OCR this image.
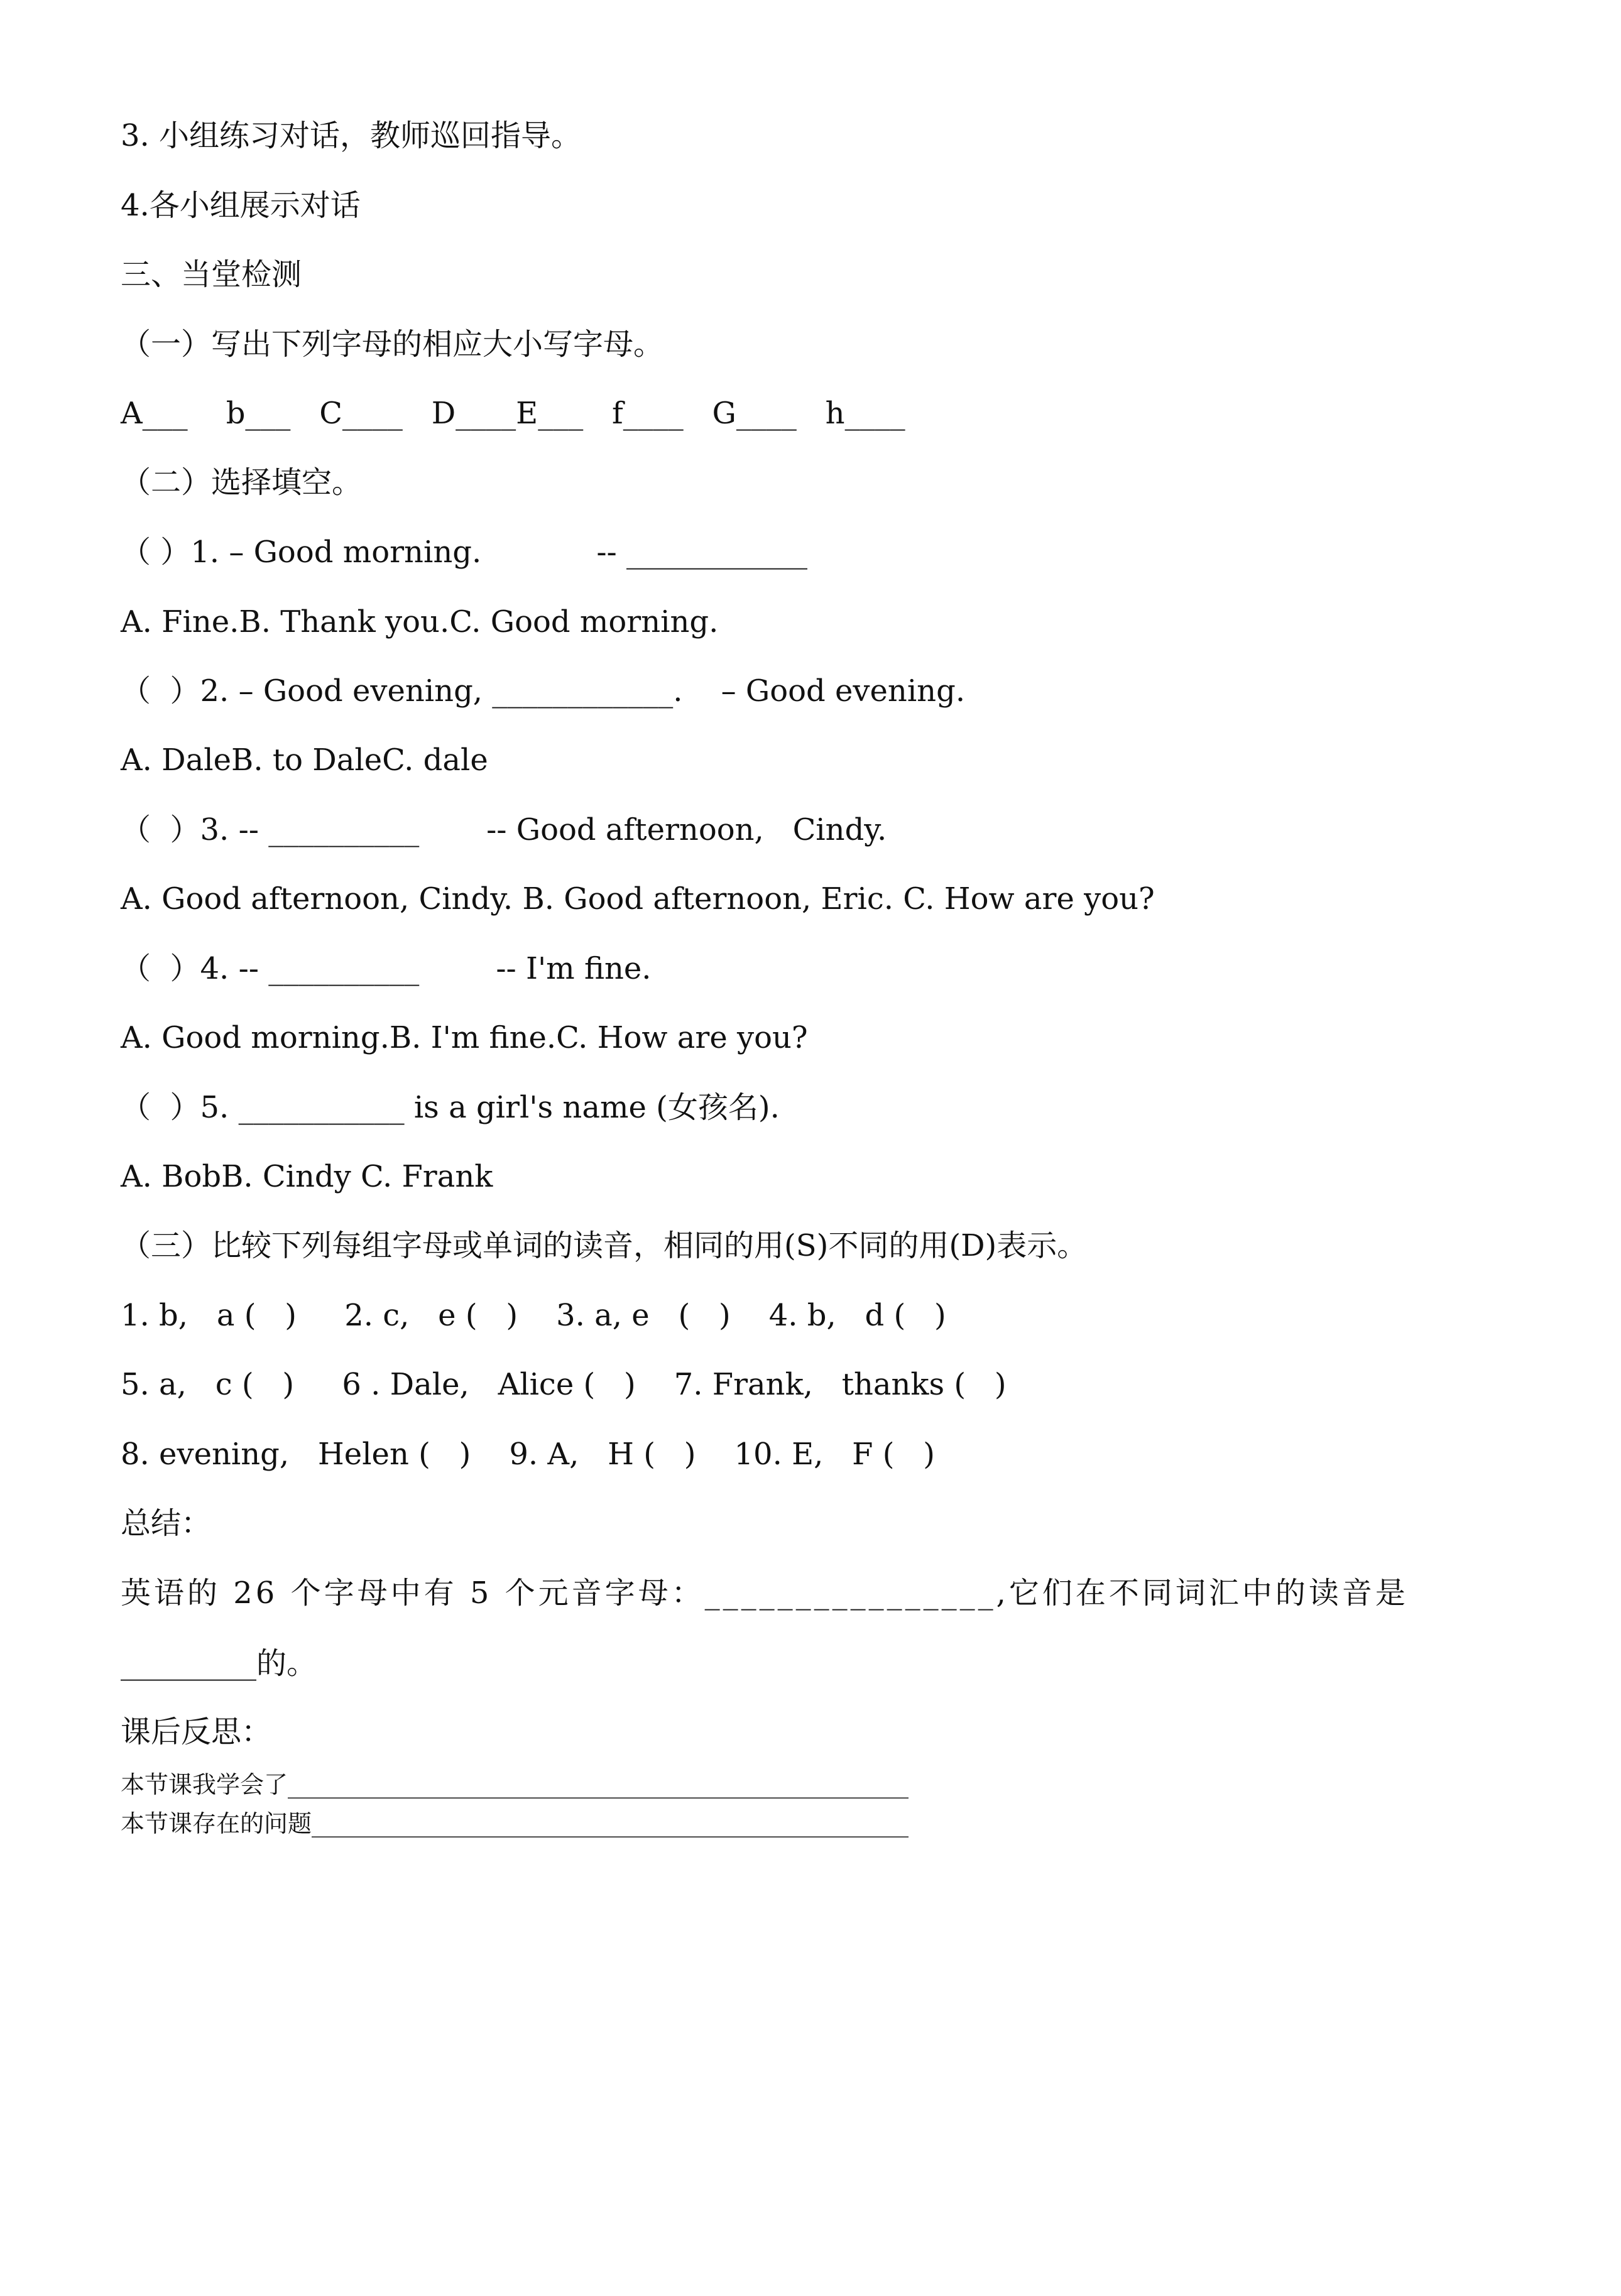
3. 小组练习对话，教师巡回指导。
4.各小组展示对话
三、当堂检测
（一）写出下列字母的相应大小写字母。
A___    b___   C____   D____E___   f____   G____   h____
（二）选择填空。
（ ）1. – Good morning.            -- ____________
A. Fine.B. Thank you.C. Good morning.
（  ）2. – Good evening, ____________.    – Good evening.
A. DaleB. to DaleC. dale
（  ）3. -- __________       -- Good afternoon,   Cindy.
A. Good afternoon, Cindy. B. Good afternoon, Eric. C. How are you?
（  ）4. -- __________        -- I'm fine.
A. Good morning.B. I'm fine.C. How are you?
（  ）5. ___________ is a girl's name (女孩名).
A. BobB. Cindy C. Frank
（三）比较下列每组字母或单词的读音，相同的用(S)不同的用(D)表示。
1. b,   a (   )     2. c,   e (   )    3. a, e   (   )    4. b,   d (   )
5. a,   c (   )     6 . Dale,   Alice (   )    7. Frank,   thanks (   )
8. evening,   Helen (   )    9. A,   H (   )    10. E,   F (   )
总结：
英语的 26 个字母中有 5 个元音字母：________________,它们在不同词汇中的读音是
_________的。
课后反思：
本节课我学会了____________________________________________________
本节课存在的问题__________________________________________________
